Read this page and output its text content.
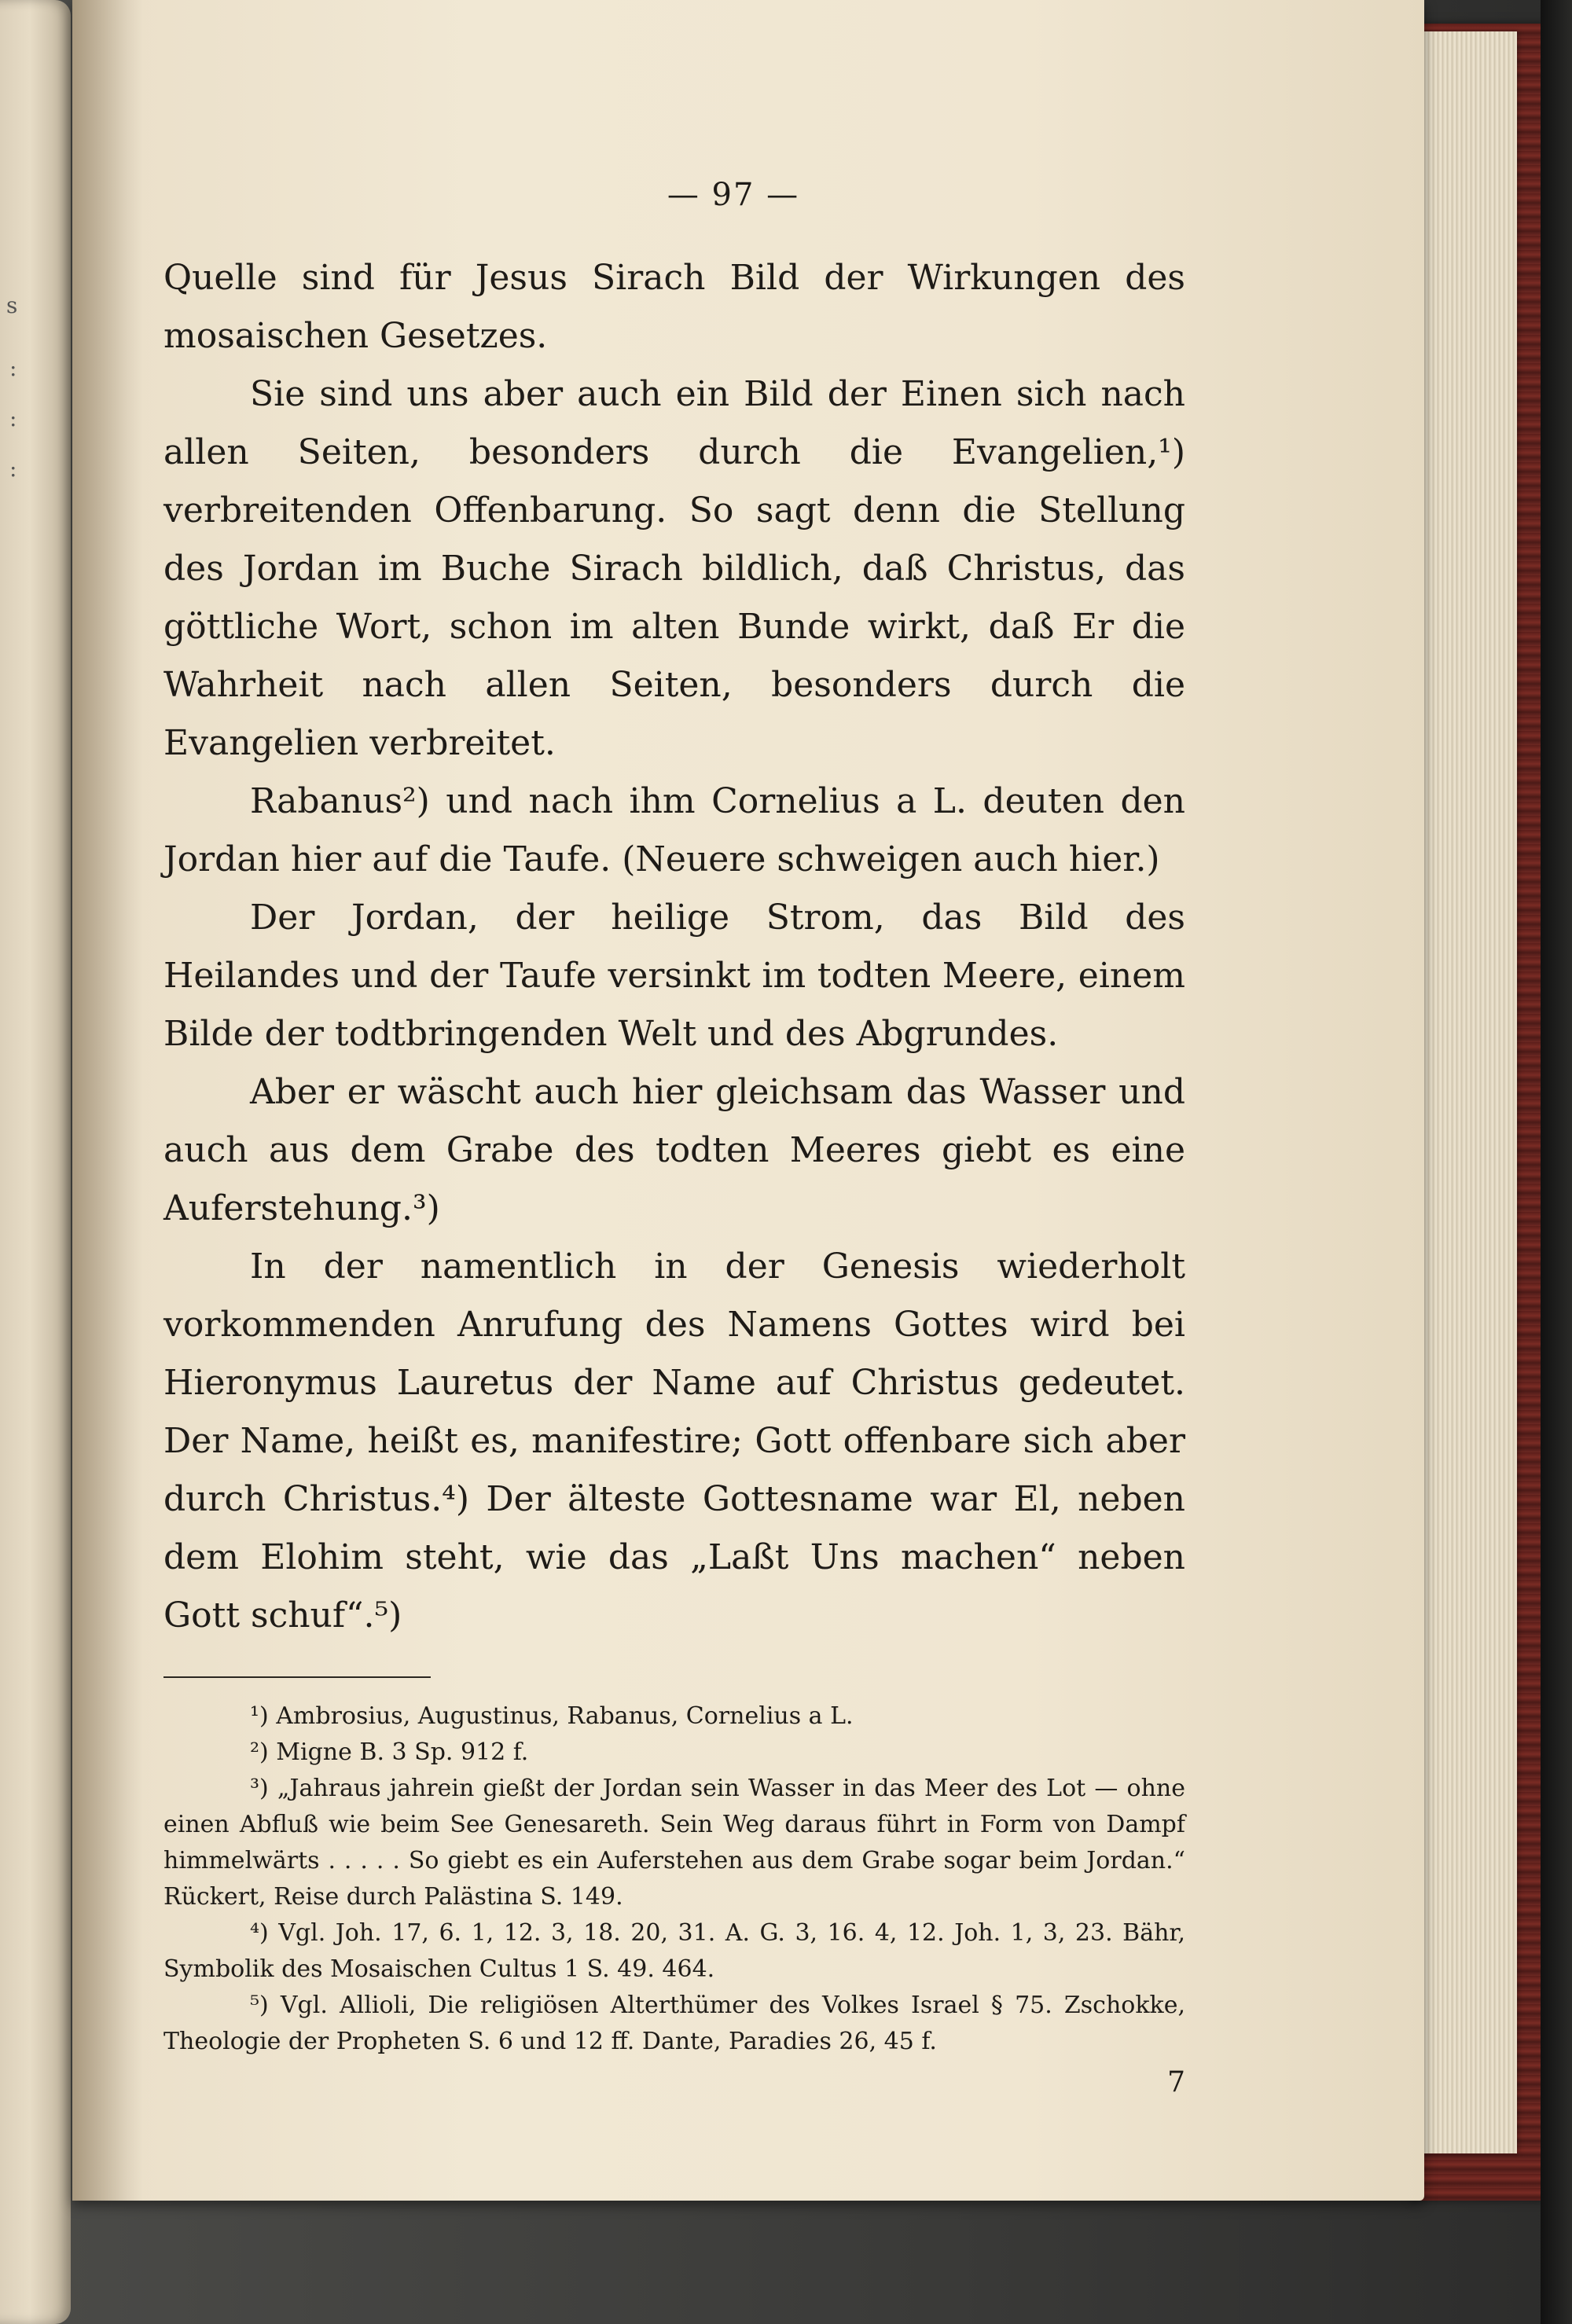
s
:
:
:
— 97 —

Quelle sind für Jesus Sirach Bild der Wirkungen des mosaischen Gesetzes.

Sie sind uns aber auch ein Bild der Einen sich nach allen Seiten, besonders durch die Evangelien,¹) verbreitenden Offenbarung. So sagt denn die Stellung des Jordan im Buche Sirach bildlich, daß Christus, das göttliche Wort, schon im alten Bunde wirkt, daß Er die Wahrheit nach allen Seiten, besonders durch die Evangelien verbreitet.

Rabanus²) und nach ihm Cornelius a L. deuten den Jordan hier auf die Taufe. (Neuere schweigen auch hier.)

Der Jordan, der heilige Strom, das Bild des Heilandes und der Taufe versinkt im todten Meere, einem Bilde der todtbringenden Welt und des Abgrundes.

Aber er wäscht auch hier gleichsam das Wasser und auch aus dem Grabe des todten Meeres giebt es eine Auferstehung.³)

In der namentlich in der Genesis wiederholt vorkommenden Anrufung des Namens Gottes wird bei Hieronymus Lauretus der Name auf Christus gedeutet. Der Name, heißt es, manifestire; Gott offenbare sich aber durch Christus.⁴) Der älteste Gottesname war El, neben dem Elohim steht, wie das „Laßt Uns machen“ neben Gott schuf“.⁵)

¹) Ambrosius, Augustinus, Rabanus, Cornelius a L.

²) Migne B. 3 Sp. 912 f.

³) „Jahraus jahrein gießt der Jordan sein Wasser in das Meer des Lot — ohne einen Abfluß wie beim See Genesareth. Sein Weg daraus führt in Form von Dampf himmelwärts . . . . . So giebt es ein Auferstehen aus dem Grabe sogar beim Jordan.“ Rückert, Reise durch Palästina S. 149.

⁴) Vgl. Joh. 17, 6. 1, 12. 3, 18. 20, 31. A. G. 3, 16. 4, 12. Joh. 1, 3, 23. Bähr, Symbolik des Mosaischen Cultus 1 S. 49. 464.

⁵) Vgl. Allioli, Die religiösen Alterthümer des Volkes Israel § 75. Zschokke, Theologie der Propheten S. 6 und 12 ff. Dante, Paradies 26, 45 f.

7
